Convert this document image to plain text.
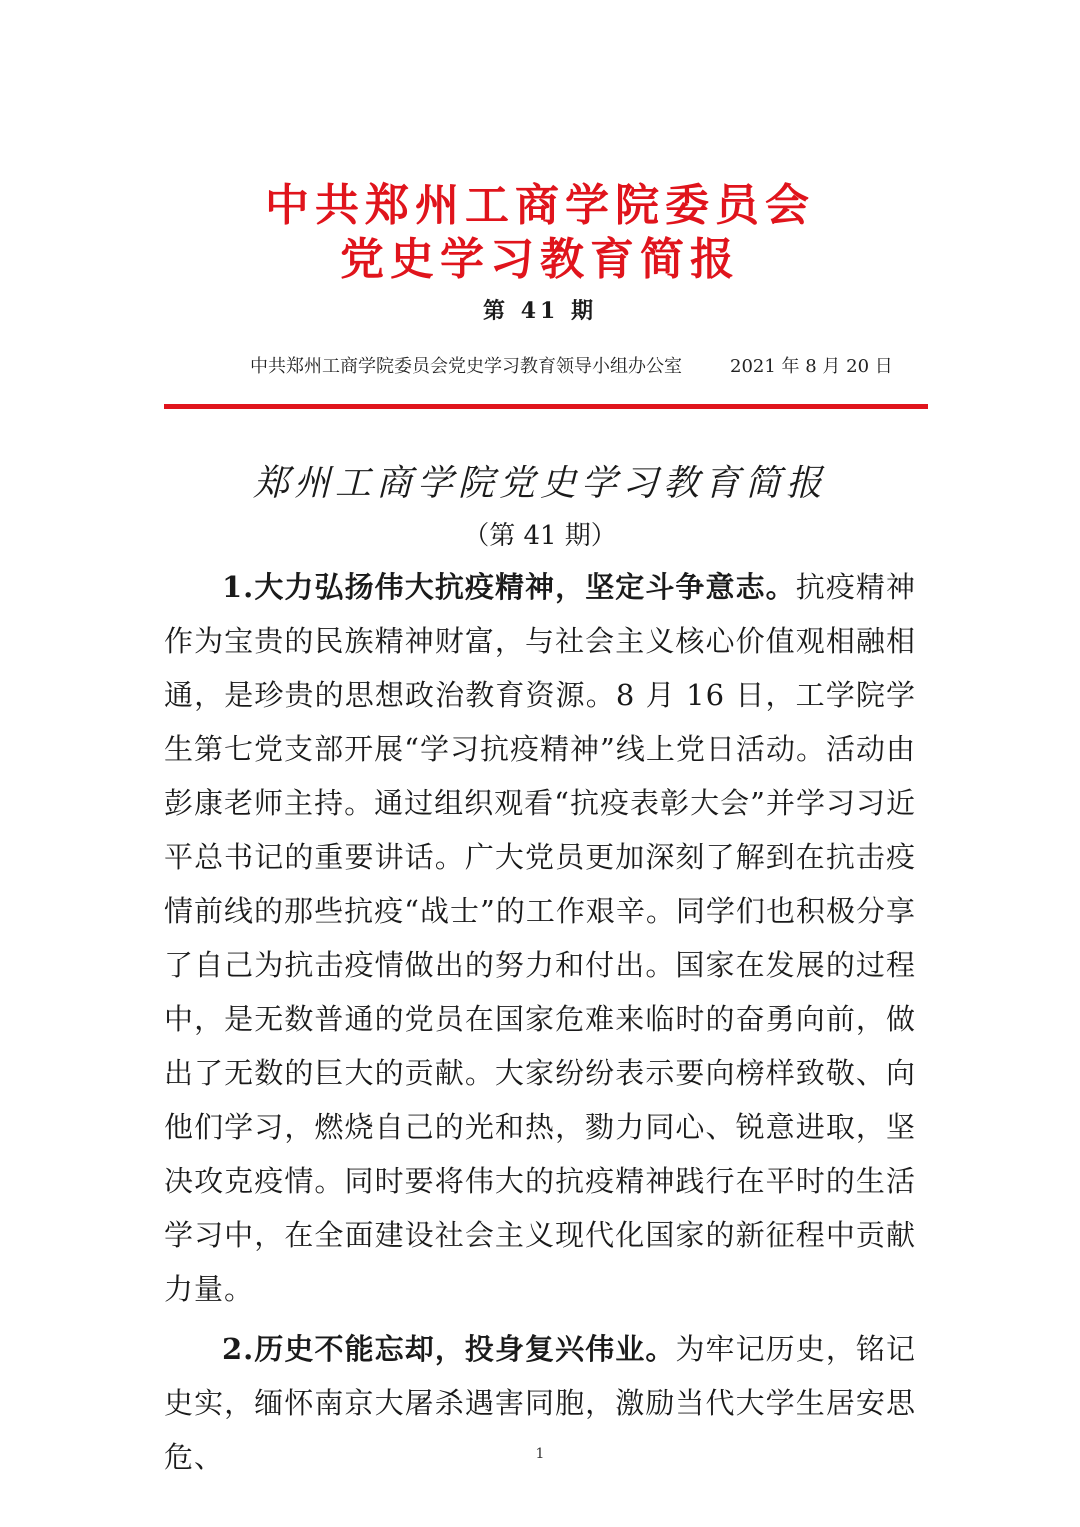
中共郑州工商学院委员会
党史学习教育简报
第 41 期
中共郑州工商学院委员会党史学习教育领导小组办公室	2021 年 8 月 20 日
郑州工商学院党史学习教育简报
（第 41 期）

1.大力弘扬伟大抗疫精神，坚定斗争意志。抗疫精神作为宝贵的民族精神财富，与社会主义核心价值观相融相通，是珍贵的思想政治教育资源。8 月 16 日，工学院学生第七党支部开展“学习抗疫精神”线上党日活动。活动由彭康老师主持。通过组织观看“抗疫表彰大会”并学习习近平总书记的重要讲话。广大党员更加深刻了解到在抗击疫情前线的那些抗疫“战士”的工作艰辛。同学们也积极分享了自己为抗击疫情做出的努力和付出。国家在发展的过程中，是无数普通的党员在国家危难来临时的奋勇向前，做出了无数的巨大的贡献。大家纷纷表示要向榜样致敬、向他们学习，燃烧自己的光和热，勠力同心、锐意进取，坚决攻克疫情。同时要将伟大的抗疫精神践行在平时的生活学习中，在全面建设社会主义现代化国家的新征程中贡献力量。

2.历史不能忘却，投身复兴伟业。为牢记历史，铭记史实，缅怀南京大屠杀遇害同胞，激励当代大学生居安思危、	1
